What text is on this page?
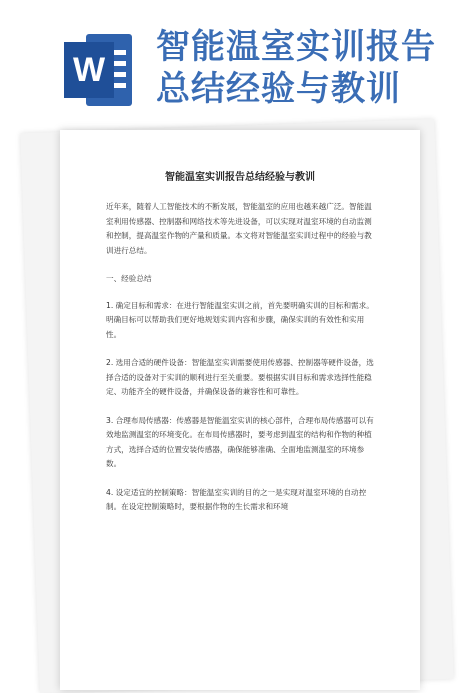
W
智能温室实训报告
总结经验与教训
智能温室实训报告总结经验与教训

近年来，随着人工智能技术的不断发展，智能温室的应用也越来越广泛。智能温室利用传感器、控制器和网络技术等先进设备，可以实现对温室环境的自动监测和控制，提高温室作物的产量和质量。本文将对智能温室实训过程中的经验与教训进行总结。

一、经验总结

1. 确定目标和需求：在进行智能温室实训之前，首先要明确实训的目标和需求。明确目标可以帮助我们更好地规划实训内容和步骤，确保实训的有效性和实用性。

2. 选用合适的硬件设备：智能温室实训需要使用传感器、控制器等硬件设备，选择合适的设备对于实训的顺利进行至关重要。要根据实训目标和需求选择性能稳定、功能齐全的硬件设备，并确保设备的兼容性和可靠性。

3. 合理布局传感器：传感器是智能温室实训的核心部件，合理布局传感器可以有效地监测温室的环境变化。在布局传感器时，要考虑到温室的结构和作物的种植方式，选择合适的位置安装传感器，确保能够准确、全面地监测温室的环境参数。

4. 设定适宜的控制策略：智能温室实训的目的之一是实现对温室环境的自动控制。在设定控制策略时，要根据作物的生长需求和环境
